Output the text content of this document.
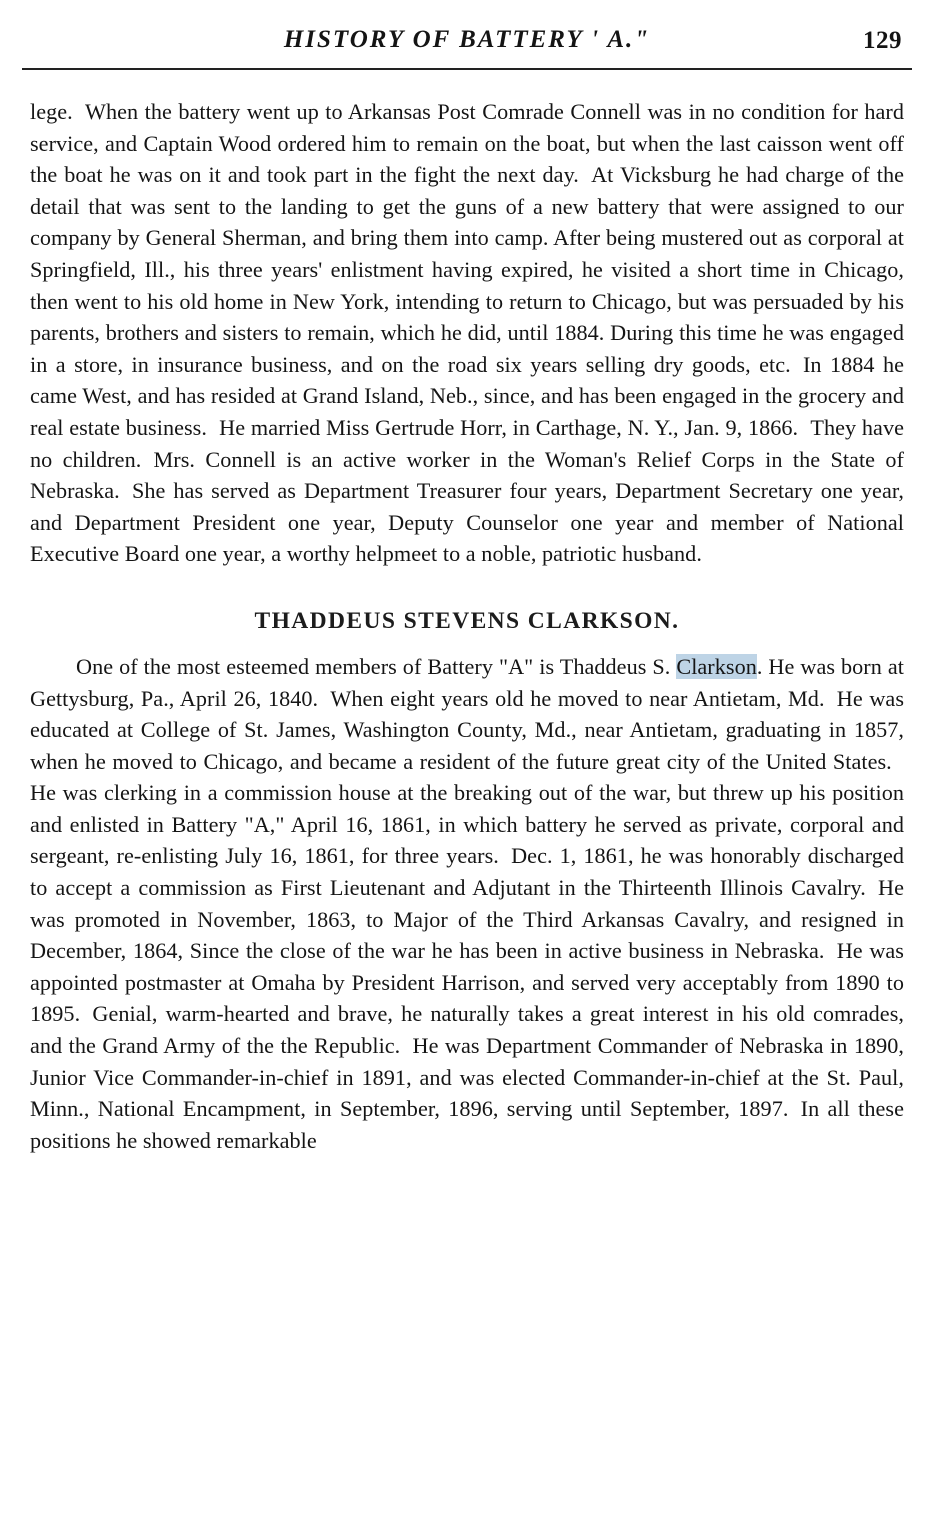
HISTORY OF BATTERY ' A."	129

lege. When the battery went up to Arkansas Post Comrade Connell was in no condition for hard service, and Captain Wood ordered him to remain on the boat, but when the last caisson went off the boat he was on it and took part in the fight the next day. At Vicksburg he had charge of the detail that was sent to the landing to get the guns of a new battery that were assigned to our company by General Sherman, and bring them into camp. After being mustered out as corporal at Springfield, Ill., his three years' enlistment having expired, he visited a short time in Chicago, then went to his old home in New York, intending to return to Chicago, but was persuaded by his parents, brothers and sisters to remain, which he did, until 1884. During this time he was engaged in a store, in insurance business, and on the road six years selling dry goods, etc. In 1884 he came West, and has resided at Grand Island, Neb., since, and has been engaged in the grocery and real estate business. He married Miss Gertrude Horr, in Carthage, N. Y., Jan. 9, 1866. They have no children. Mrs. Connell is an active worker in the Woman's Relief Corps in the State of Nebraska. She has served as Department Treasurer four years, Department Secretary one year, and Department President one year, Deputy Counselor one year and member of National Executive Board one year, a worthy helpmeet to a noble, patriotic husband.

THADDEUS STEVENS CLARKSON.

One of the most esteemed members of Battery "A" is Thaddeus S. Clarkson. He was born at Gettysburg, Pa., April 26, 1840. When eight years old he moved to near Antietam, Md. He was educated at College of St. James, Washington County, Md., near Antietam, graduating in 1857, when he moved to Chicago, and became a resident of the future great city of the United States.He was clerking in a commission house at the breaking out of the war, but threw up his position and enlisted in Battery "A," April 16, 1861, in which battery he served as private, corporal and sergeant, re-enlisting July 16, 1861, for three years. Dec. 1, 1861, he was honorably discharged to accept a commission as First Lieutenant and Adjutant in the Thirteenth Illinois Cavalry. He was promoted in November, 1863, to Major of the Third Arkansas Cavalry, and resigned in December, 1864, Since the close of the war he has been in active business in Nebraska. He was appointed postmaster at Omaha by President Harrison, and served very acceptably from 1890 to 1895. Genial, warm-hearted and brave, he naturally takes a great interest in his old comrades, and the Grand Army of the the Republic. He was Department Commander of Nebraska in 1890, Junior Vice Commander-in-chief in 1891, and was elected Commander-in-chief at the St. Paul, Minn., National Encampment, in September, 1896, serving until September, 1897. In all these positions he showed remarkable
